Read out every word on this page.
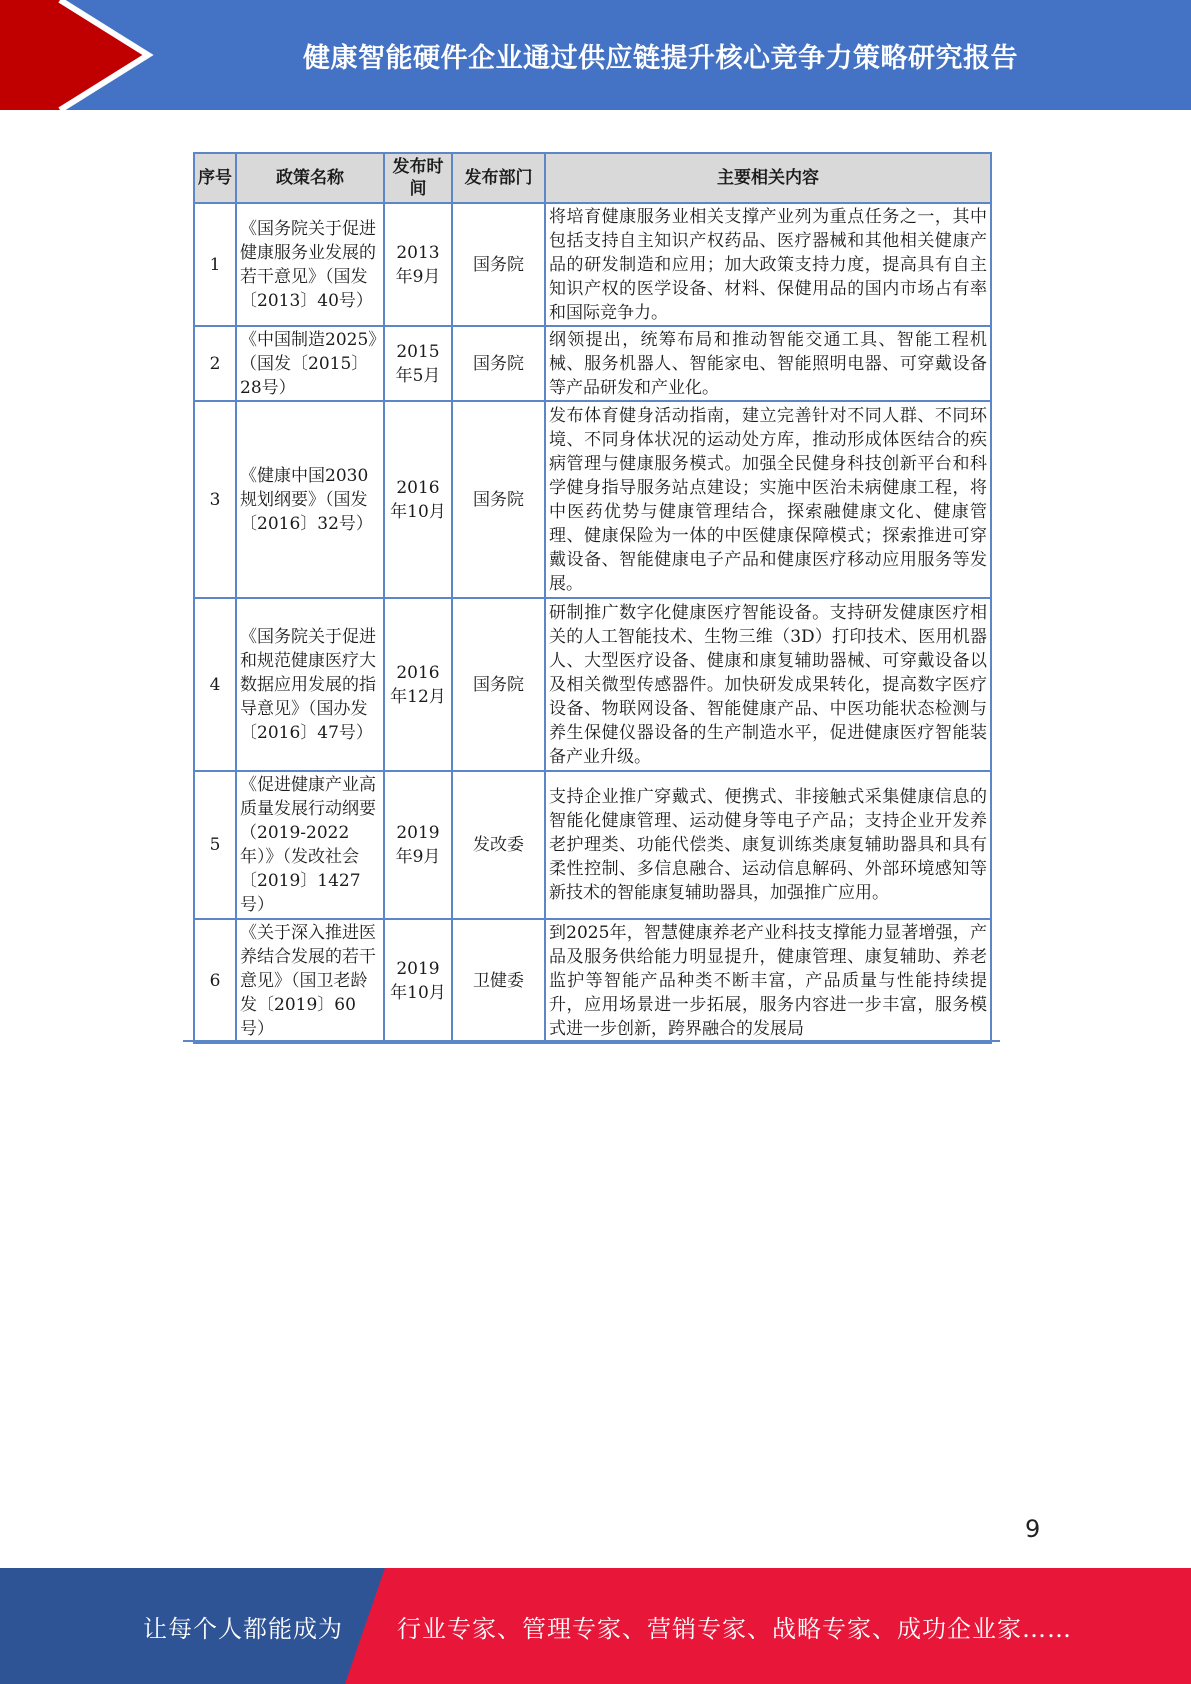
健康智能硬件企业通过供应链提升核心竞争力策略研究报告
序号	政策名称	发布时间	发布部门	主要相关内容
1	《国务院关于促进健康服务业发展的若干意见》（国发〔2013〕40号）	2013年9月	国务院	将培育健康服务业相关支撑产业列为重点任务之一，其中包括支持自主知识产权药品、医疗器械和其他相关健康产品的研发制造和应用；加大政策支持力度，提高具有自主知识产权的医学设备、材料、保健用品的国内市场占有率和国际竞争力。
2	《中国制造2025》（国发〔2015〕28号）	2015年5月	国务院	纲领提出，统筹布局和推动智能交通工具、智能工程机械、服务机器人、智能家电、智能照明电器、可穿戴设备等产品研发和产业化。
3	《健康中国2030规划纲要》（国发〔2016〕32号）	2016年10月	国务院	发布体育健身活动指南，建立完善针对不同人群、不同环境、不同身体状况的运动处方库，推动形成体医结合的疾病管理与健康服务模式。加强全民健身科技创新平台和科学健身指导服务站点建设；实施中医治未病健康工程，将中医药优势与健康管理结合，探索融健康文化、健康管理、健康保险为一体的中医健康保障模式；探索推进可穿戴设备、智能健康电子产品和健康医疗移动应用服务等发展。
4	《国务院关于促进和规范健康医疗大数据应用发展的指导意见》（国办发〔2016〕47号）	2016年12月	国务院	研制推广数字化健康医疗智能设备。支持研发健康医疗相关的人工智能技术、生物三维（3D）打印技术、医用机器人、大型医疗设备、健康和康复辅助器械、可穿戴设备以及相关微型传感器件。加快研发成果转化，提高数字医疗设备、物联网设备、智能健康产品、中医功能状态检测与养生保健仪器设备的生产制造水平，促进健康医疗智能装备产业升级。
5	《促进健康产业高质量发展行动纲要（2019-2022年）》（发改社会〔2019〕1427号）	2019年9月	发改委	支持企业推广穿戴式、便携式、非接触式采集健康信息的智能化健康管理、运动健身等电子产品；支持企业开发养老护理类、功能代偿类、康复训练类康复辅助器具和具有柔性控制、多信息融合、运动信息解码、外部环境感知等新技术的智能康复辅助器具，加强推广应用。
6	《关于深入推进医养结合发展的若干意见》（国卫老龄发〔2019〕60号）	2019年10月	卫健委	到2025年，智慧健康养老产业科技支撑能力显著增强，产品及服务供给能力明显提升，健康管理、康复辅助、养老监护等智能产品种类不断丰富，产品质量与性能持续提升，应用场景进一步拓展，服务内容进一步丰富，服务模式进一步创新，跨界融合的发展局
9
让每个人都能成为 行业专家、管理专家、营销专家、战略专家、成功企业家……
